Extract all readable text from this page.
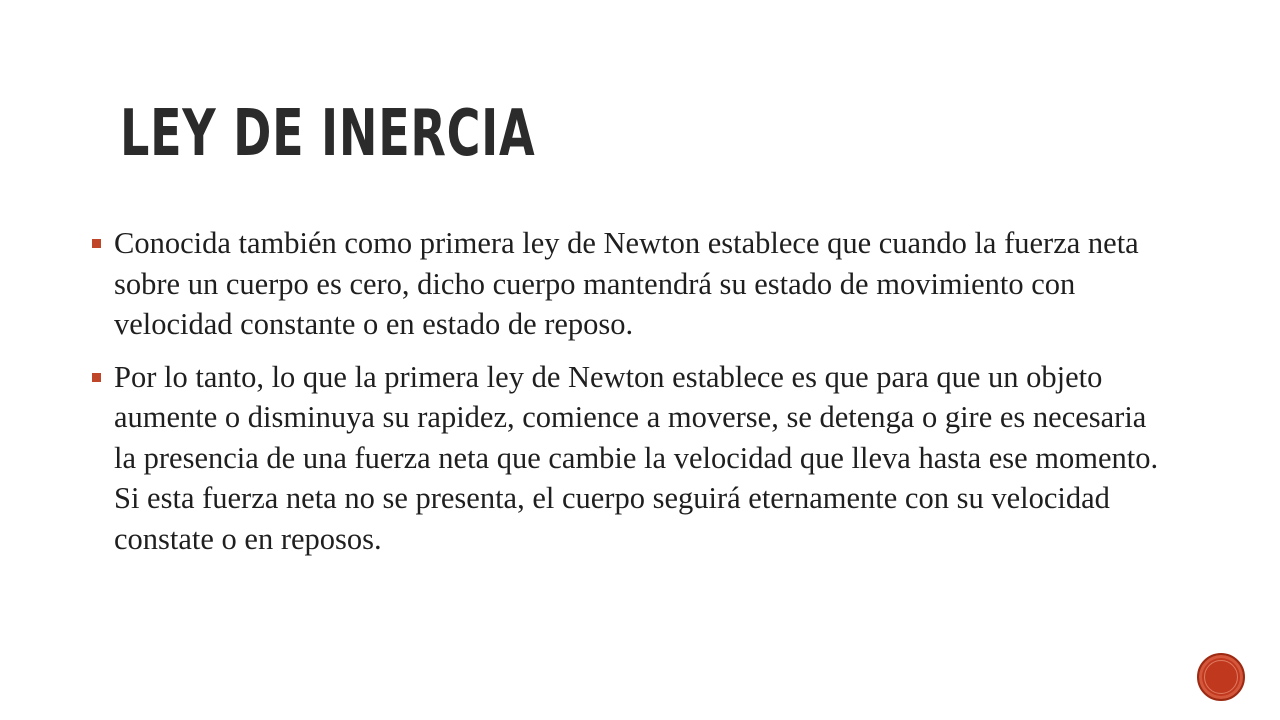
LEY DE INERCIA
Conocida también como primera ley de Newton establece que cuando la fuerza neta sobre un cuerpo es cero, dicho cuerpo mantendrá su estado de movimiento con velocidad constante o en estado de reposo.
Por lo tanto, lo que la primera ley de Newton establece es que para que un objeto aumente o disminuya su rapidez, comience a moverse, se detenga o gire es necesaria la presencia de una fuerza neta que cambie la velocidad que lleva hasta ese momento. Si esta fuerza neta no se presenta, el cuerpo seguirá eternamente con su velocidad constate o en reposos.
